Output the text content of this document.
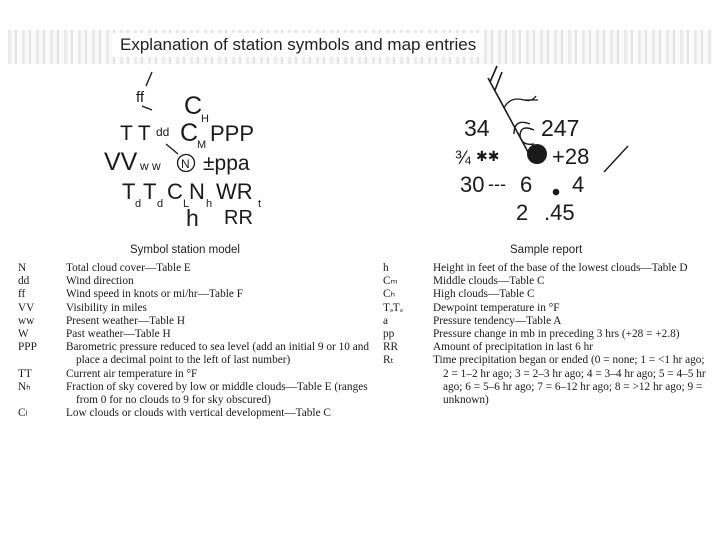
Explanation of station symbols and map entries
ff C
H
T T dd C
M PPP
VV w w N ±ppa
T d T d C L N h WR t
h RR
Symbol station model
34 247
¾ ✱✱ +28
30 --- 6 4
2 .45
Sample report
N	Total cloud cover—Table E
dd	Wind direction
ff	Wind speed in knots or mi/hr—Table F
VV	Visibility in miles
ww	Present weather—Table H
W	Past weather—Table H
PPP	Barometric pressure reduced to sea level (add an initial 9 or 10 and place a decimal point to the left of last number)
TT	Current air temperature in °F
Nₕ	Fraction of sky covered by low or middle clouds—Table E (ranges from 0 for no clouds to 9 for sky obscured)
Cₗ	Low clouds or clouds with vertical development—Table C
h	Height in feet of the base of the lowest clouds—Table D
Cₘ	Middle clouds—Table C
Cₕ	High clouds—Table C
TₔTₔ	Dewpoint temperature in °F
a	Pressure tendency—Table A
pp	Pressure change in mb in preceding 3 hrs (+28 = +2.8)
RR	Amount of precipitation in last 6 hr
Rₜ	Time precipitation began or ended (0 = none; 1 = <1 hr ago; 2 = 1–2 hr ago; 3 = 2–3 hr ago; 4 = 3–4 hr ago; 5 = 4–5 hr ago; 6 = 5–6 hr ago; 7 = 6–12 hr ago; 8 = >12 hr ago; 9 = unknown)
